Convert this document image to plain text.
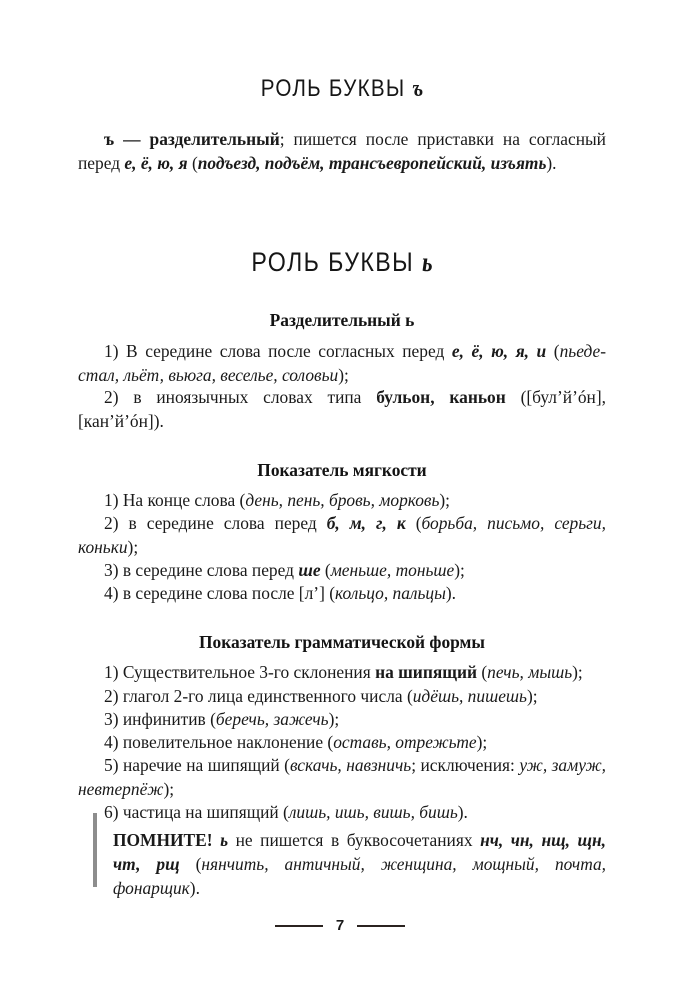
РОЛЬ БУКВЫ ъ

ъ — разделительный; пишется после приставки на согласный перед е, ё, ю, я (подъезд, подъём, трансъевропейский, изъять).

РОЛЬ БУКВЫ ь
Разделительный ь

1) В середине слова после согласных перед е, ё, ю, я, и (пьеде-стал, льёт, вьюга, веселье, соловьи);

2) в иноязычных словах типа бульон, каньон ([бул’й’óн], [кан’й’óн]).

Показатель мягкости

1) На конце слова (день, пень, бровь, морковь);

2) в середине слова перед б, м, г, к (борьба, письмо, серьги, коньки);

3) в середине слова перед ше (меньше, тоньше);

4) в середине слова после [л’] (кольцо, пальцы).

Показатель грамматической формы

1) Существительное 3-го склонения на шипящий (печь, мышь);

2) глагол 2-го лица единственного числа (идёшь, пишешь);

3) инфинитив (беречь, зажечь);

4) повелительное наклонение (оставь, отрежьте);

5) наречие на шипящий (вскачь, навзничь; исключения: уж, замуж, невтерпёж);

6) частица на шипящий (лишь, ишь, вишь, бишь).

ПОМНИТЕ! ь не пишется в буквосочетаниях нч, чн, нщ, щн, чт, рщ (нянчить, античный, женщина, мощный, почта, фонарщик).

7
